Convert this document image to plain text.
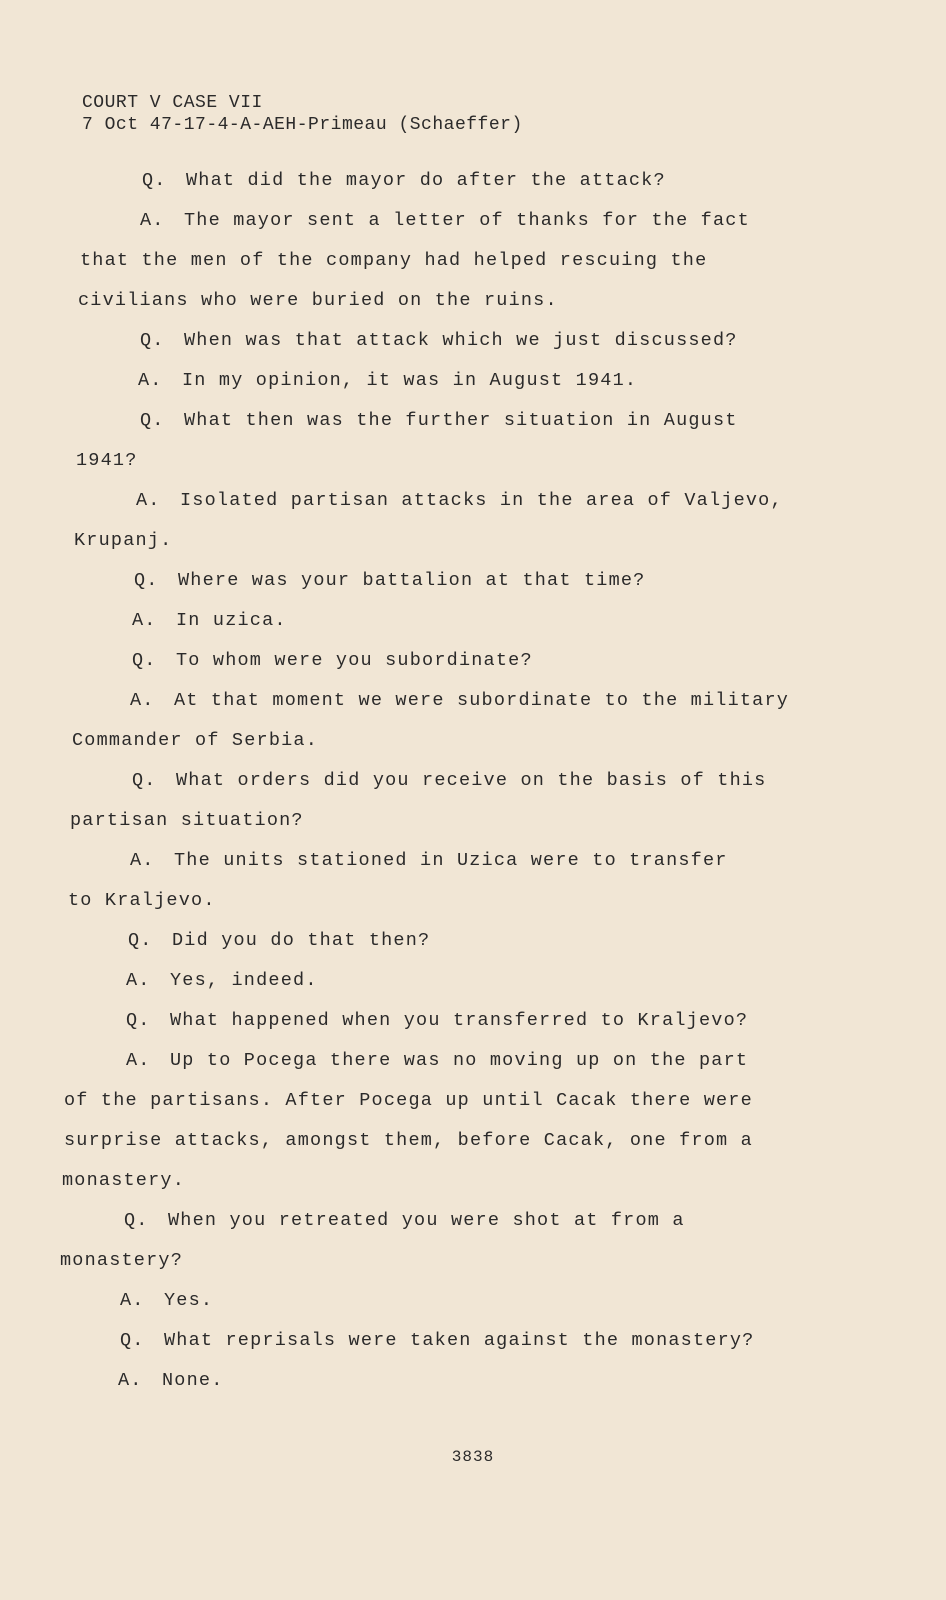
COURT V CASE VII
7 Oct 47-17-4-A-AEH-Primeau (Schaeffer)
Q. What did the mayor do after the attack?
A. The mayor sent a letter of thanks for the fact
that the men of the company had helped rescuing the
civilians who were buried on the ruins.
Q. When was that attack which we just discussed?
A. In my opinion, it was in August 1941.
Q. What then was the further situation in August
1941?
A. Isolated partisan attacks in the area of Valjevo,
Krupanj.
Q. Where was your battalion at that time?
A. In uzica.
Q. To whom were you subordinate?
A. At that moment we were subordinate to the military
Commander of Serbia.
Q. What orders did you receive on the basis of this
partisan situation?
A. The units stationed in Uzica were to transfer
to Kraljevo.
Q. Did you do that then?
A. Yes, indeed.
Q. What happened when you transferred to Kraljevo?
A. Up to Pocega there was no moving up on the part
of the partisans. After Pocega up until Cacak there were
surprise attacks, amongst them, before Cacak, one from a
monastery.
Q. When you retreated you were shot at from a
monastery?
A. Yes.
Q. What reprisals were taken against the monastery?
A. None.
3838
